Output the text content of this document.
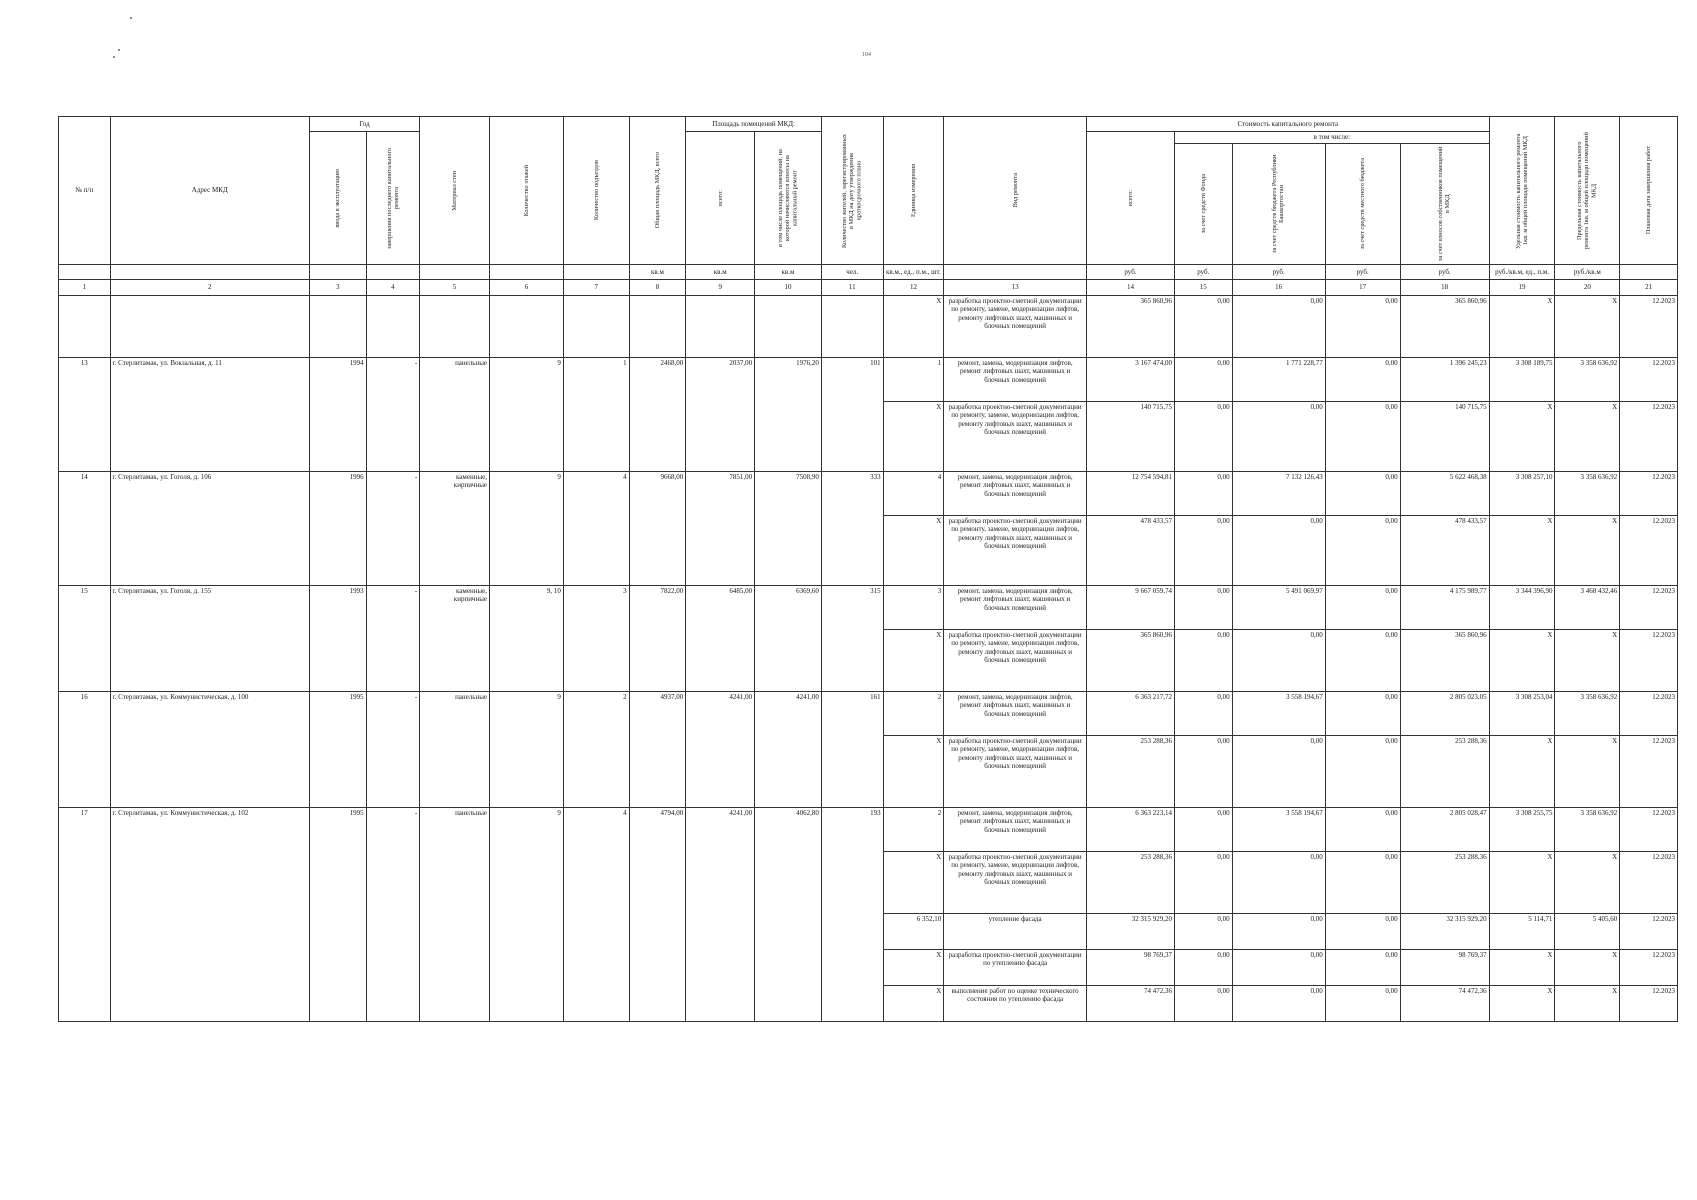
104
№ п/п	Адрес МКД	Год		Материал стен	Количество этажей	Количество подъездов	Общая площадь МКД, всего	Площадь помещений МКД:		Количество жителей, зарегистрированных в МКД на дату утверждения краткосрочного плана	Единица измерения	Вид ремонта	Стоимость капитального ремонта					Удельная стоимость капитального ремонта 1кв. м общей площади помещений МКД	Предельная стоимость капитального ремонта 1кв. м общей площади помещений МКД	Плановая дата завершения работ

		ввода в эксплуатацию	завершения последнего капитального ремонта					всего:	в том числе площадь помещений, на которой начисляются взносы на капитальный ремонт				всего:	в том числе:						

														за счет средств Фонда	за счет средств бюджета Республики Башкортостан	за счет средств местного бюджета	за счет взносов собственников помещений в МКД			

							кв.м	кв.м	кв.м	чел.	кв.м., ед., п.м., шт.		руб.	руб.	руб.	руб.	руб.	руб./кв.м, ед., п.м.	руб./кв.м	
1	2	3	4	5	6	7	8	9	10	11	12	13	14	15	16	17	18	19	20	21
											X	разработка проектно-сметной документации по ремонту, замене, модернизации лифтов, ремонту лифтовых шахт, машинных и блочных помещений	365 860,96	0,00	0,00	0,00	365 860,96	X	X	12.2023
13	г. Стерлитамак, ул. Вокзальная, д. 11	1994	-	панельные	9	1	2468,00	2037,00	1976,20	101	1	ремонт, замена, модернизация лифтов, ремонт лифтовых шахт, машинных и блочных помещений	3 167 474,00	0,00	1 771 228,77	0,00	1 396 245,23	3 308 189,75	3 358 636,92	12.2023
											X	разработка проектно-сметной документации по ремонту, замене, модернизации лифтов, ремонту лифтовых шахт, машинных и блочных помещений	140 715,75	0,00	0,00	0,00	140 715,75	X	X	12.2023
14	г. Стерлитамак, ул. Гоголя, д. 106	1996	-	каменные, кирпичные	9	4	9668,00	7851,00	7508,90	333	4	ремонт, замена, модернизация лифтов, ремонт лифтовых шахт, машинных и блочных помещений	12 754 594,81	0,00	7 132 126,43	0,00	5 622 468,38	3 308 257,10	3 358 636,92	12.2023
											X	разработка проектно-сметной документации по ремонту, замене, модернизации лифтов, ремонту лифтовых шахт, машинных и блочных помещений	478 433,57	0,00	0,00	0,00	478 433,57	X	X	12.2023
15	г. Стерлитамак, ул. Гоголя, д. 155	1993	-	каменные, кирпичные	9, 10	3	7822,00	6485,00	6369,60	315	3	ремонт, замена, модернизация лифтов, ремонт лифтовых шахт, машинных и блочных помещений	9 667 059,74	0,00	5 491 069,97	0,00	4 175 989,77	3 344 396,90	3 468 432,46	12.2023
											X	разработка проектно-сметной документации по ремонту, замене, модернизации лифтов, ремонту лифтовых шахт, машинных и блочных помещений	365 860,96	0,00	0,00	0,00	365 860,96	X	X	12.2023
16	г. Стерлитамак, ул. Коммунистическая, д. 100	1995	-	панельные	9	2	4937,00	4241,00	4241,00	161	2	ремонт, замена, модернизация лифтов, ремонт лифтовых шахт, машинных и блочных помещений	6 363 217,72	0,00	3 558 194,67	0,00	2 805 023,05	3 308 253,04	3 358 636,92	12.2023
											X	разработка проектно-сметной документации по ремонту, замене, модернизации лифтов, ремонту лифтовых шахт, машинных и блочных помещений	253 288,36	0,00	0,00	0,00	253 288,36	X	X	12.2023
17	г. Стерлитамак, ул. Коммунистическая, д. 102	1995	-	панельные	9	4	4794,00	4241,00	4062,80	193	2	ремонт, замена, модернизация лифтов, ремонт лифтовых шахт, машинных и блочных помещений	6 363 223,14	0,00	3 558 194,67	0,00	2 805 028,47	3 308 255,75	3 358 636,92	12.2023
											X	разработка проектно-сметной документации по ремонту, замене, модернизации лифтов, ремонту лифтовых шахт, машинных и блочных помещений	253 288,36	0,00	0,00	0,00	253 288,36	X	X	12.2023
											6 352,10	утепление фасада	32 315 929,20	0,00	0,00	0,00	32 315 929,20	5 114,71	5 405,60	12.2023
											X	разработка проектно-сметной документации по утеплению фасада	98 769,37	0,00	0,00	0,00	98 769,37	X	X	12.2023
											X	выполнение работ по оценке технического состояния по утеплению фасада	74 472,36	0,00	0,00	0,00	74 472,36	X	X	12.2023
